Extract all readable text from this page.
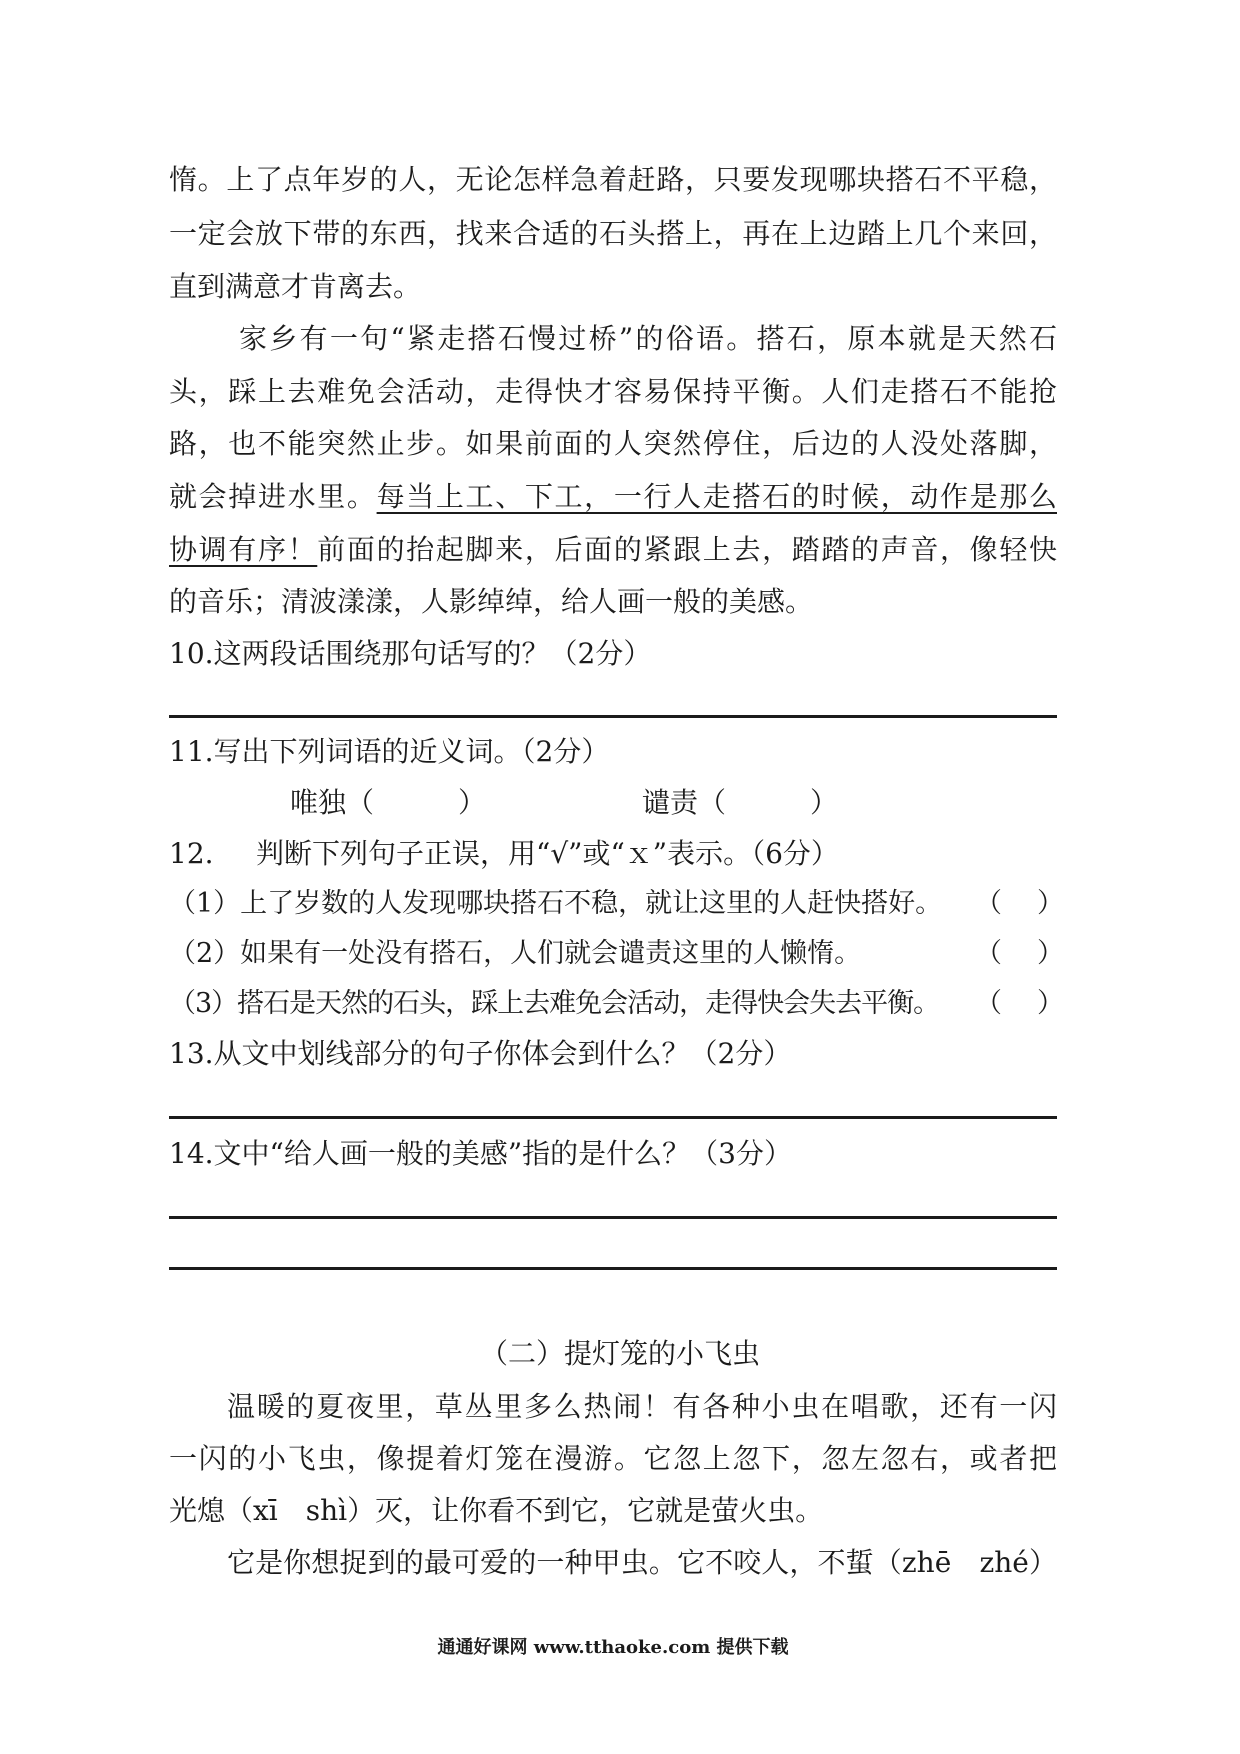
惰。上了点年岁的人，无论怎样急着赶路，只要发现哪块搭石不平稳，
一定会放下带的东西，找来合适的石头搭上，再在上边踏上几个来回，
直到满意才肯离去。
家乡有一句“紧走搭石慢过桥”的俗语。搭石，原本就是天然石
头，踩上去难免会活动，走得快才容易保持平衡。人们走搭石不能抢
路，也不能突然止步。如果前面的人突然停住，后边的人没处落脚，
就会掉进水里。每当上工、下工，一行人走搭石的时候，动作是那么
协调有序！前面的抬起脚来，后面的紧跟上去，踏踏的声音，像轻快
的音乐；清波漾漾，人影绰绰，给人画一般的美感。
10.这两段话围绕那句话写的？（2分）
11.写出下列词语的近义词。（2分）
唯独（　　　）	谴责（　　　）
12. 判断下列句子正误，用“√”或“ｘ”表示。（6分）
（1）上了岁数的人发现哪块搭石不稳，就让这里的人赶快搭好。 （　）
（2）如果有一处没有搭石，人们就会谴责这里的人懒惰。	（　）
（3）搭石是天然的石头，踩上去难免会活动，走得快会失去平衡。 （　）
13.从文中划线部分的句子你体会到什么？（2分）
14.文中“给人画一般的美感”指的是什么？（3分）
（二）提灯笼的小飞虫
温暖的夏夜里，草丛里多么热闹！有各种小虫在唱歌，还有一闪
一闪的小飞虫，像提着灯笼在漫游。它忽上忽下，忽左忽右，或者把
光熄（xī　shì）灭，让你看不到它，它就是萤火虫。
它是你想捉到的最可爱的一种甲虫。它不咬人，不蜇（zhē　zhé）
通通好课网 www.tthaoke.com 提供下载
